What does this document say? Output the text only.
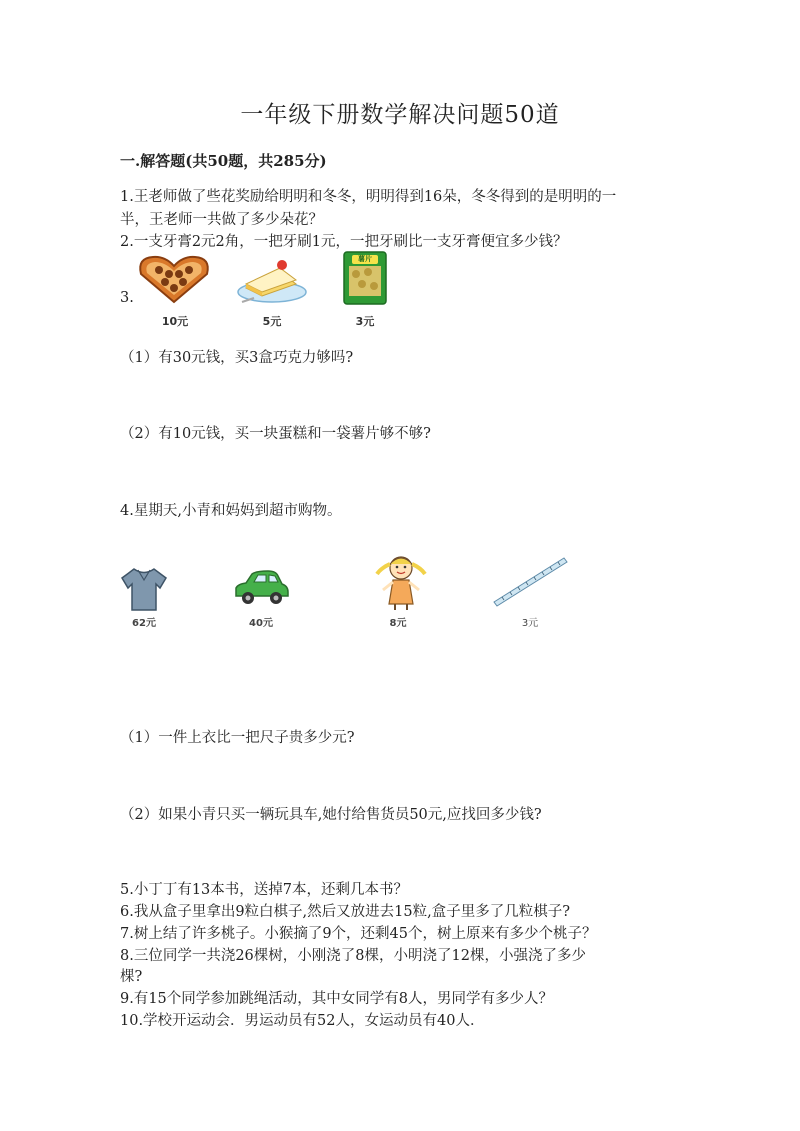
一年级下册数学解决问题50道
一.解答题(共50题，共285分)
1.王老师做了些花奖励给明明和冬冬，明明得到16朵，冬冬得到的是明明的一
半，王老师一共做了多少朵花？
2.一支牙膏2元2角，一把牙刷1元，一把牙刷比一支牙膏便宜多少钱？
3.
薯片
10元	5元	3元
（1）有30元钱，买3盒巧克力够吗?
（2）有10元钱，买一块蛋糕和一袋薯片够不够?
4.星期天,小青和妈妈到超市购物。
62元	40元	8元	3元
（1）一件上衣比一把尺子贵多少元?
（2）如果小青只买一辆玩具车,她付给售货员50元,应找回多少钱?
5.小丁丁有13本书，送掉7本，还剩几本书？
6.我从盒子里拿出9粒白棋子,然后又放进去15粒,盒子里多了几粒棋子?
7.树上结了许多桃子。小猴摘了9个，还剩45个，树上原来有多少个桃子？
8.三位同学一共浇26棵树，小刚浇了8棵，小明浇了12棵，小强浇了多少
棵?
9.有15个同学参加跳绳活动，其中女同学有8人，男同学有多少人？
10.学校开运动会．男运动员有52人，女运动员有40人．
